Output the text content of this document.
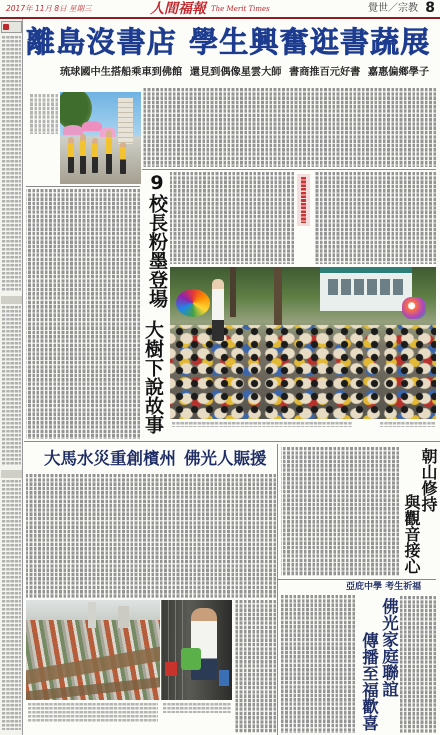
2017年 11月 8日 星期三	人間福報 The Merit Times	覺世／宗教 8
離島沒書店 學生興奮逛書蔬展
琉球國中生搭船乘車到佛館 還見到偶像星雲大師 書商推百元好書 嘉惠偏鄉學子
9校長粉墨登場
大樹下說故事
大馬水災重創檳州 佛光人賑援	朝山修持
與觀音接心
亞庇中學 考生祈福
佛光家庭聯誼
傳播至福歡喜
